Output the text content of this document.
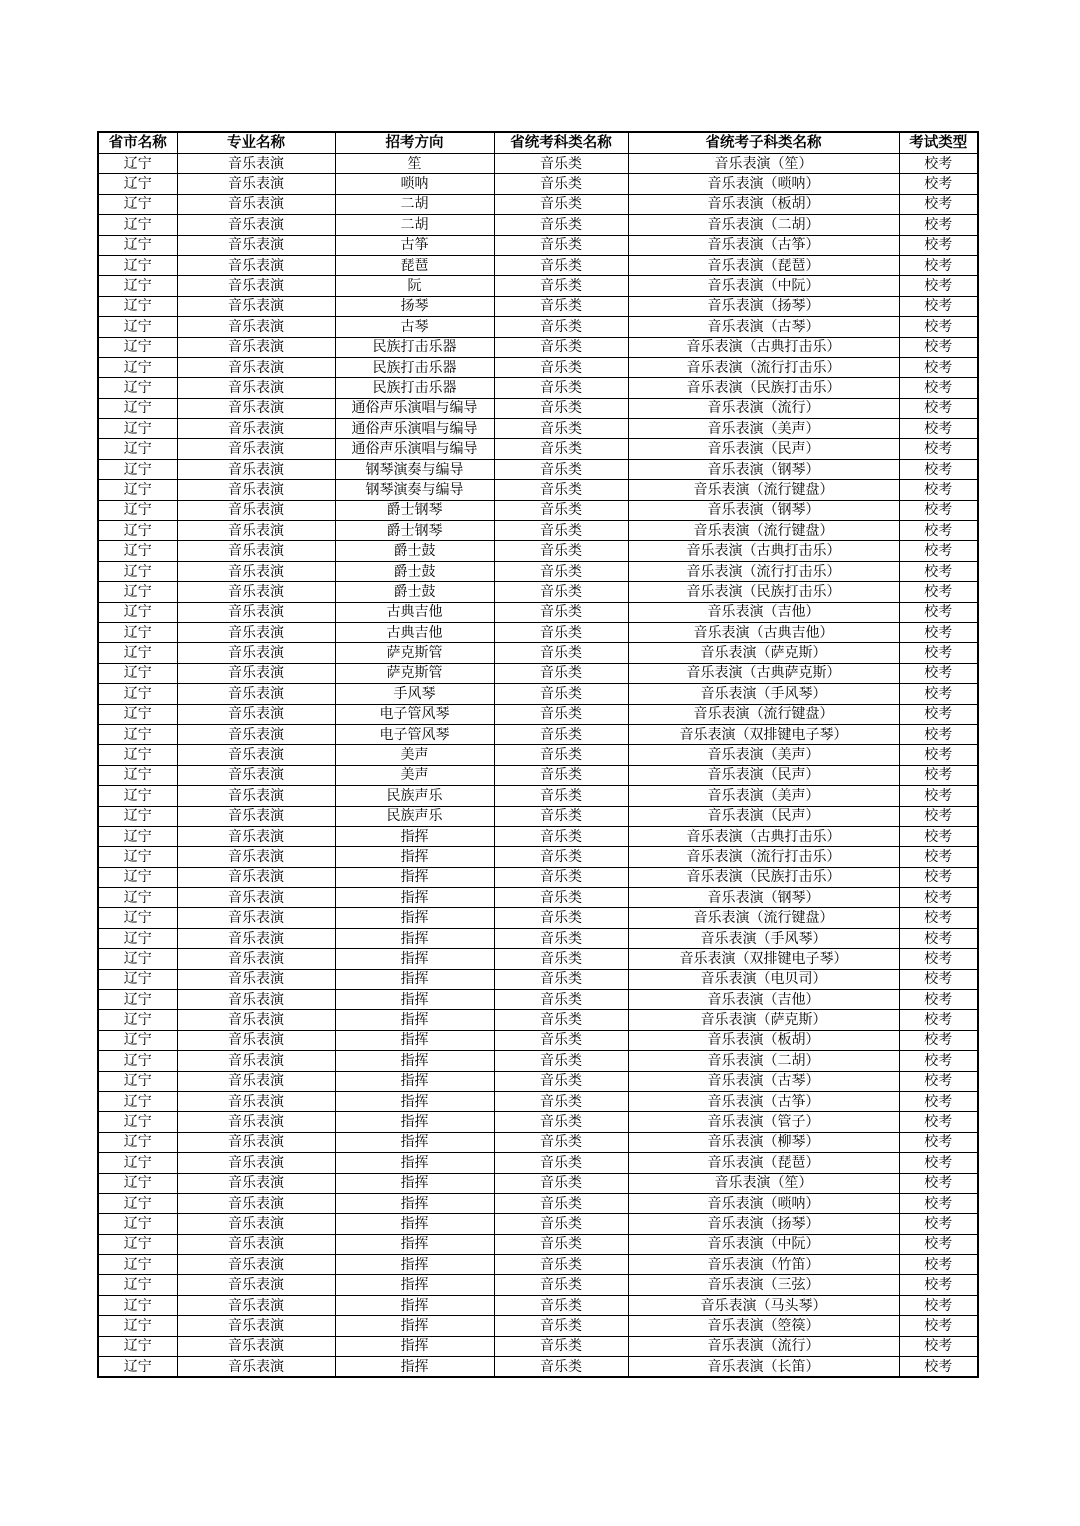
省市名称	专业名称	招考方向	省统考科类名称	省统考子科类名称	考试类型
辽宁	音乐表演	笙	音乐类	音乐表演（笙）	校考
辽宁	音乐表演	唢呐	音乐类	音乐表演（唢呐）	校考
辽宁	音乐表演	二胡	音乐类	音乐表演（板胡）	校考
辽宁	音乐表演	二胡	音乐类	音乐表演（二胡）	校考
辽宁	音乐表演	古筝	音乐类	音乐表演（古筝）	校考
辽宁	音乐表演	琵琶	音乐类	音乐表演（琵琶）	校考
辽宁	音乐表演	阮	音乐类	音乐表演（中阮）	校考
辽宁	音乐表演	扬琴	音乐类	音乐表演（扬琴）	校考
辽宁	音乐表演	古琴	音乐类	音乐表演（古琴）	校考
辽宁	音乐表演	民族打击乐器	音乐类	音乐表演（古典打击乐）	校考
辽宁	音乐表演	民族打击乐器	音乐类	音乐表演（流行打击乐）	校考
辽宁	音乐表演	民族打击乐器	音乐类	音乐表演（民族打击乐）	校考
辽宁	音乐表演	通俗声乐演唱与编导	音乐类	音乐表演（流行）	校考
辽宁	音乐表演	通俗声乐演唱与编导	音乐类	音乐表演（美声）	校考
辽宁	音乐表演	通俗声乐演唱与编导	音乐类	音乐表演（民声）	校考
辽宁	音乐表演	钢琴演奏与编导	音乐类	音乐表演（钢琴）	校考
辽宁	音乐表演	钢琴演奏与编导	音乐类	音乐表演（流行键盘）	校考
辽宁	音乐表演	爵士钢琴	音乐类	音乐表演（钢琴）	校考
辽宁	音乐表演	爵士钢琴	音乐类	音乐表演（流行键盘）	校考
辽宁	音乐表演	爵士鼓	音乐类	音乐表演（古典打击乐）	校考
辽宁	音乐表演	爵士鼓	音乐类	音乐表演（流行打击乐）	校考
辽宁	音乐表演	爵士鼓	音乐类	音乐表演（民族打击乐）	校考
辽宁	音乐表演	古典吉他	音乐类	音乐表演（吉他）	校考
辽宁	音乐表演	古典吉他	音乐类	音乐表演（古典吉他）	校考
辽宁	音乐表演	萨克斯管	音乐类	音乐表演（萨克斯）	校考
辽宁	音乐表演	萨克斯管	音乐类	音乐表演（古典萨克斯）	校考
辽宁	音乐表演	手风琴	音乐类	音乐表演（手风琴）	校考
辽宁	音乐表演	电子管风琴	音乐类	音乐表演（流行键盘）	校考
辽宁	音乐表演	电子管风琴	音乐类	音乐表演（双排键电子琴）	校考
辽宁	音乐表演	美声	音乐类	音乐表演（美声）	校考
辽宁	音乐表演	美声	音乐类	音乐表演（民声）	校考
辽宁	音乐表演	民族声乐	音乐类	音乐表演（美声）	校考
辽宁	音乐表演	民族声乐	音乐类	音乐表演（民声）	校考
辽宁	音乐表演	指挥	音乐类	音乐表演（古典打击乐）	校考
辽宁	音乐表演	指挥	音乐类	音乐表演（流行打击乐）	校考
辽宁	音乐表演	指挥	音乐类	音乐表演（民族打击乐）	校考
辽宁	音乐表演	指挥	音乐类	音乐表演（钢琴）	校考
辽宁	音乐表演	指挥	音乐类	音乐表演（流行键盘）	校考
辽宁	音乐表演	指挥	音乐类	音乐表演（手风琴）	校考
辽宁	音乐表演	指挥	音乐类	音乐表演（双排键电子琴）	校考
辽宁	音乐表演	指挥	音乐类	音乐表演（电贝司）	校考
辽宁	音乐表演	指挥	音乐类	音乐表演（吉他）	校考
辽宁	音乐表演	指挥	音乐类	音乐表演（萨克斯）	校考
辽宁	音乐表演	指挥	音乐类	音乐表演（板胡）	校考
辽宁	音乐表演	指挥	音乐类	音乐表演（二胡）	校考
辽宁	音乐表演	指挥	音乐类	音乐表演（古琴）	校考
辽宁	音乐表演	指挥	音乐类	音乐表演（古筝）	校考
辽宁	音乐表演	指挥	音乐类	音乐表演（管子）	校考
辽宁	音乐表演	指挥	音乐类	音乐表演（柳琴）	校考
辽宁	音乐表演	指挥	音乐类	音乐表演（琵琶）	校考
辽宁	音乐表演	指挥	音乐类	音乐表演（笙）	校考
辽宁	音乐表演	指挥	音乐类	音乐表演（唢呐）	校考
辽宁	音乐表演	指挥	音乐类	音乐表演（扬琴）	校考
辽宁	音乐表演	指挥	音乐类	音乐表演（中阮）	校考
辽宁	音乐表演	指挥	音乐类	音乐表演（竹笛）	校考
辽宁	音乐表演	指挥	音乐类	音乐表演（三弦）	校考
辽宁	音乐表演	指挥	音乐类	音乐表演（马头琴）	校考
辽宁	音乐表演	指挥	音乐类	音乐表演（箜篌）	校考
辽宁	音乐表演	指挥	音乐类	音乐表演（流行）	校考
辽宁	音乐表演	指挥	音乐类	音乐表演（长笛）	校考
